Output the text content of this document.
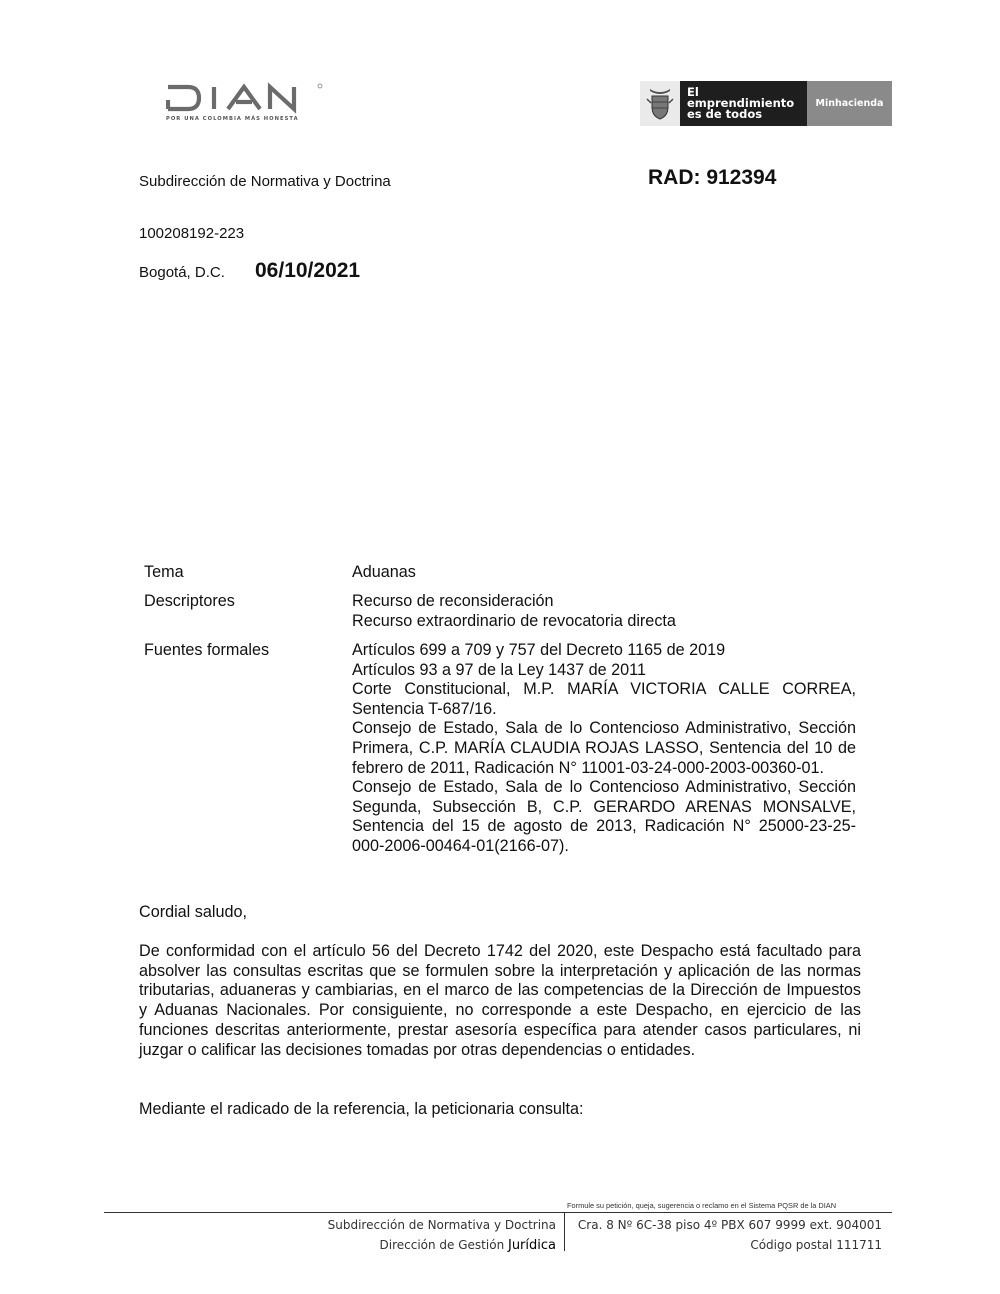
POR UNA COLOMBIA MÁS HONESTA
El emprendimiento
es de todos
Minhacienda
Subdirección de Normativa y Doctrina	RAD: 912394
100208192-223
Bogotá, D.C. 06/10/2021
Tema	Aduanas
Descriptores	Recurso de reconsideración
Recurso extraordinario de revocatoria directa
Fuentes formales	Artículos 699 a 709 y 757 del Decreto 1165 de 2019
Artículos 93 a 97 de la Ley 1437 de 2011
Corte Constitucional, M.P. MARÍA VICTORIA CALLE CORREA, Sentencia T-687/16.
Consejo de Estado, Sala de lo Contencioso Administrativo, Sección Primera, C.P. MARÍA CLAUDIA ROJAS LASSO, Sentencia del 10 de febrero de 2011, Radicación N° 11001-03-24-000-2003-00360-01.
Consejo de Estado, Sala de lo Contencioso Administrativo, Sección Segunda, Subsección B, C.P. GERARDO ARENAS MONSALVE, Sentencia del 15 de agosto de 2013, Radicación N° 25000-23-25-000-2006-00464-01(2166-07).
Cordial saludo,
De conformidad con el artículo 56 del Decreto 1742 del 2020, este Despacho está facultado para absolver las consultas escritas que se formulen sobre la interpretación y aplicación de las normas tributarias, aduaneras y cambiarias, en el marco de las competencias de la Dirección de Impuestos y Aduanas Nacionales. Por consiguiente, no corresponde a este Despacho, en ejercicio de las funciones descritas anteriormente, prestar asesoría específica para atender casos particulares, ni juzgar o calificar las decisiones tomadas por otras dependencias o entidades.
Mediante el radicado de la referencia, la peticionaria consulta:
Formule su petición, queja, sugerencia o reclamo en el Sistema PQSR de la DIAN
Subdirección de Normativa y Doctrina
Dirección de Gestión Jurídica
Cra. 8 Nº 6C-38 piso 4º PBX 607 9999 ext. 904001
Código postal 111711
